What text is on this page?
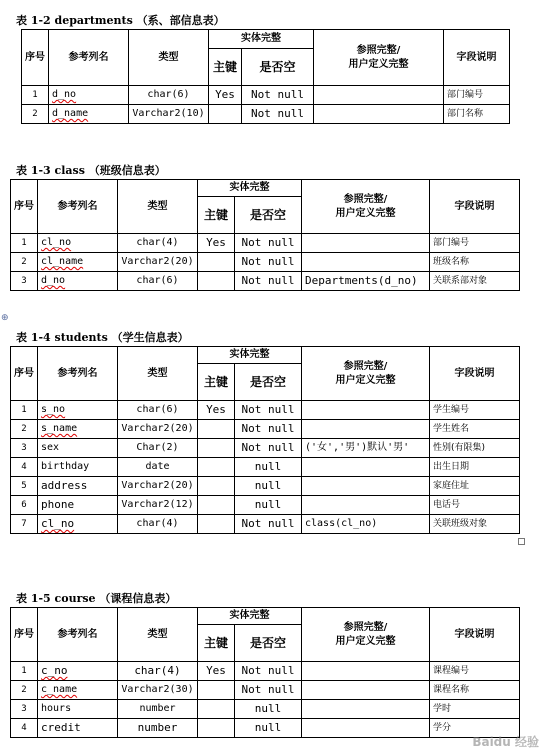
表 1-2 departments （系、部信息表）
序号	参考列名	类型	实体完整		参照完整/
用户定义完整	字段说明
			主键	是否空		
1	d_no	char(6)	Yes	Not null		部门编号
2	d_name	Varchar2(10)		Not null		部门名称
表 1-3 class （班级信息表）
序号	参考列名	类型	实体完整		参照完整/
用户定义完整	字段说明
			主键	是否空		
1	cl_no	char(4)	Yes	Not null		部门编号
2	cl_name	Varchar2(20)		Not null		班级名称
3	d_no	char(6)		Not null	Departments(d_no)	关联系部对象
⊕
表 1-4 students （学生信息表）
序号	参考列名	类型	实体完整		参照完整/
用户定义完整	字段说明
			主键	是否空		
1	s_no	char(6)	Yes	Not null		学生编号
2	s_name	Varchar2(20)		Not null		学生姓名
3	sex	Char(2)		Not null	('女','男')默认'男'	性别(有限集)
4	birthday	date		null		出生日期
5	address	Varchar2(20)		null		家庭住址
6	phone	Varchar2(12)		null		电话号
7	cl_no	char(4)		Not null	class(cl_no)	关联班级对象
表 1-5 course （课程信息表）
序号	参考列名	类型	实体完整		参照完整/
用户定义完整	字段说明
			主键	是否空		
1	c_no	char(4)	Yes	Not null		课程编号
2	c_name	Varchar2(30)		Not null		课程名称
3	hours	number		null		学时
4	credit	number		null		学分
Baidu 经验
